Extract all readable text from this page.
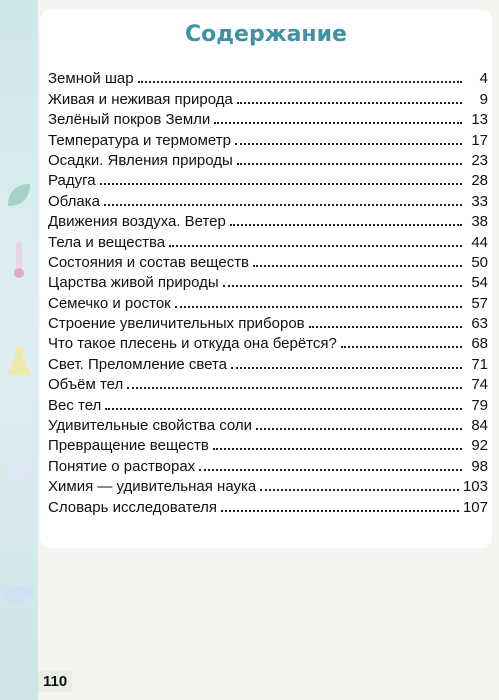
Содержание
Земной шар	4
Живая и неживая природа	9
Зелёный покров Земли	13
Температура и термометр	17
Осадки. Явления природы	23
Радуга	28
Облака	33
Движения воздуха. Ветер	38
Тела и вещества	44
Состояния и состав веществ	50
Царства живой природы	54
Семечко и росток	57
Строение увеличительных приборов	63
Что такое плесень и откуда она берётся?	68
Свет. Преломление света	71
Объём тел	74
Вес тел	79
Удивительные свойства соли	84
Превращение веществ	92
Понятие о растворах	98
Химия — удивительная наука	103
Словарь исследователя	107
110
